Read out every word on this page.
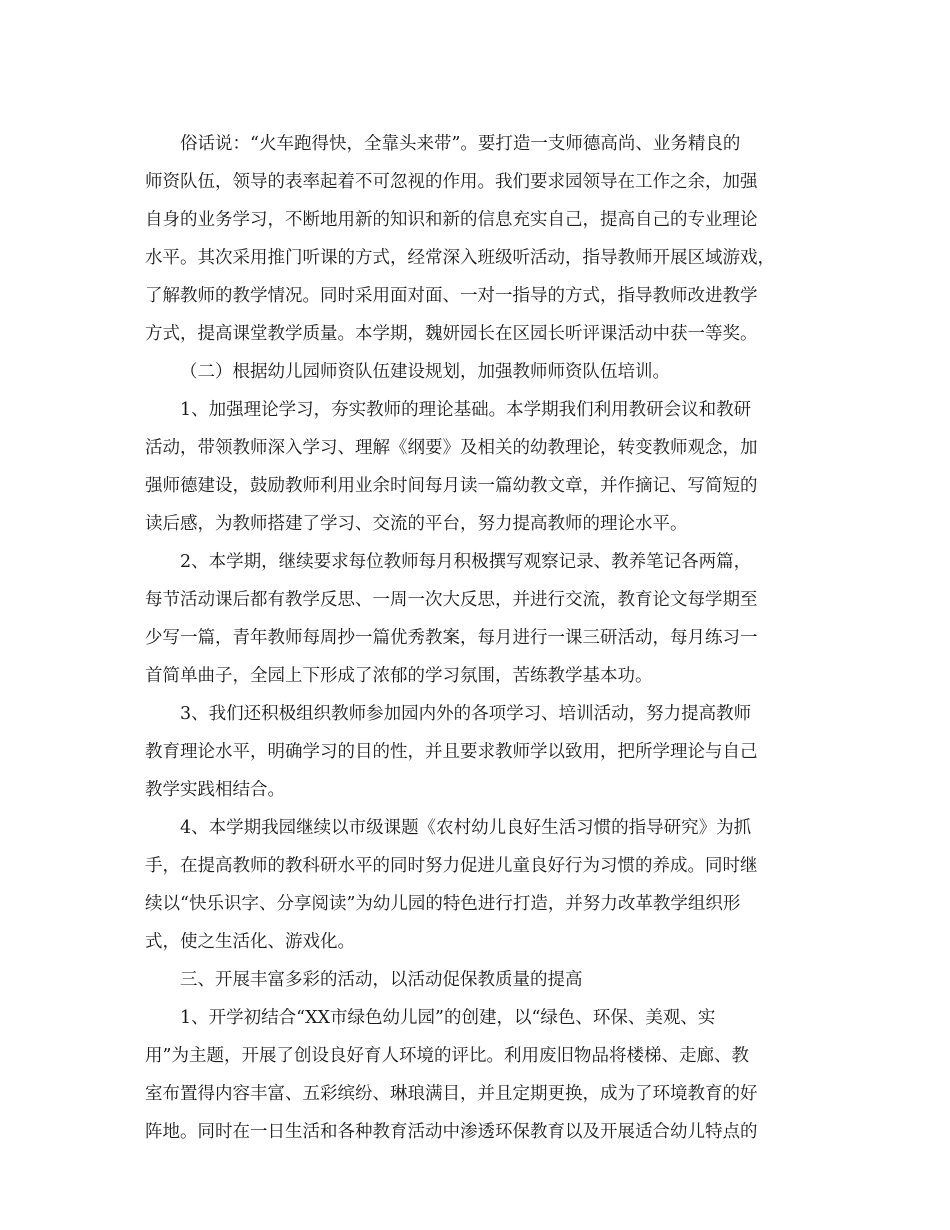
俗话说：“火车跑得快，全靠头来带”。要打造一支师德高尚、业务精良的

师资队伍，领导的表率起着不可忽视的作用。我们要求园领导在工作之余，加强

自身的业务学习，不断地用新的知识和新的信息充实自己，提高自己的专业理论

水平。其次采用推门听课的方式，经常深入班级听活动，指导教师开展区域游戏，

了解教师的教学情况。同时采用面对面、一对一指导的方式，指导教师改进教学

方式，提高课堂教学质量。本学期，魏妍园长在区园长听评课活动中获一等奖。

（二）根据幼儿园师资队伍建设规划，加强教师师资队伍培训。

1、加强理论学习，夯实教师的理论基础。本学期我们利用教研会议和教研

活动，带领教师深入学习、理解《纲要》及相关的幼教理论，转变教师观念，加

强师德建设，鼓励教师利用业余时间每月读一篇幼教文章，并作摘记、写简短的

读后感，为教师搭建了学习、交流的平台，努力提高教师的理论水平。

2、本学期，继续要求每位教师每月积极撰写观察记录、教养笔记各两篇，

每节活动课后都有教学反思、一周一次大反思，并进行交流，教育论文每学期至

少写一篇，青年教师每周抄一篇优秀教案，每月进行一课三研活动，每月练习一

首简单曲子，全园上下形成了浓郁的学习氛围，苦练教学基本功。

3、我们还积极组织教师参加园内外的各项学习、培训活动，努力提高教师

教育理论水平，明确学习的目的性，并且要求教师学以致用，把所学理论与自己

教学实践相结合。

4、本学期我园继续以市级课题《农村幼儿良好生活习惯的指导研究》为抓

手，在提高教师的教科研水平的同时努力促进儿童良好行为习惯的养成。同时继

续以“快乐识字、分享阅读”为幼儿园的特色进行打造，并努力改革教学组织形

式，使之生活化、游戏化。

三、开展丰富多彩的活动，以活动促保教质量的提高

1、开学初结合“XX市绿色幼儿园”的创建，以“绿色、环保、美观、实

用”为主题，开展了创设良好育人环境的评比。利用废旧物品将楼梯、走廊、教

室布置得内容丰富、五彩缤纷、琳琅满目，并且定期更换，成为了环境教育的好

阵地。同时在一日生活和各种教育活动中渗透环保教育以及开展适合幼儿特点的
